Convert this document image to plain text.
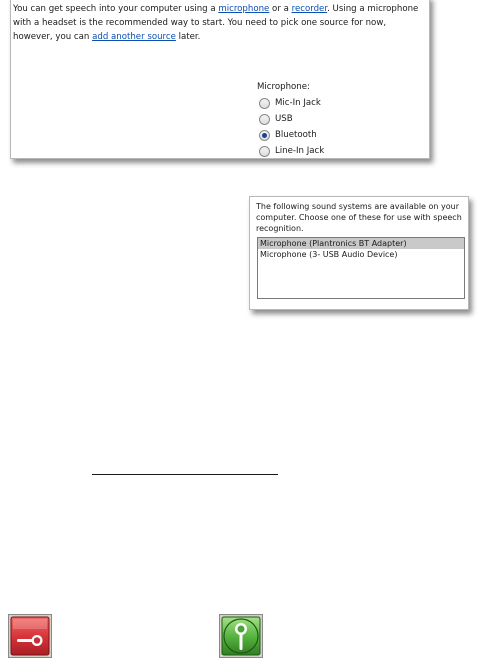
You can get speech into your computer using a microphone or a recorder. Using a microphone with a headset is the recommended way to start. You need to pick one source for now, however, you can add another source later.

Microphone:
Mic-In Jack
USB
Bluetooth
Line-In Jack

The following sound systems are available on your computer. Choose one of these for use with speech recognition.

Microphone (Plantronics BT Adapter)
Microphone (3- USB Audio Device)
